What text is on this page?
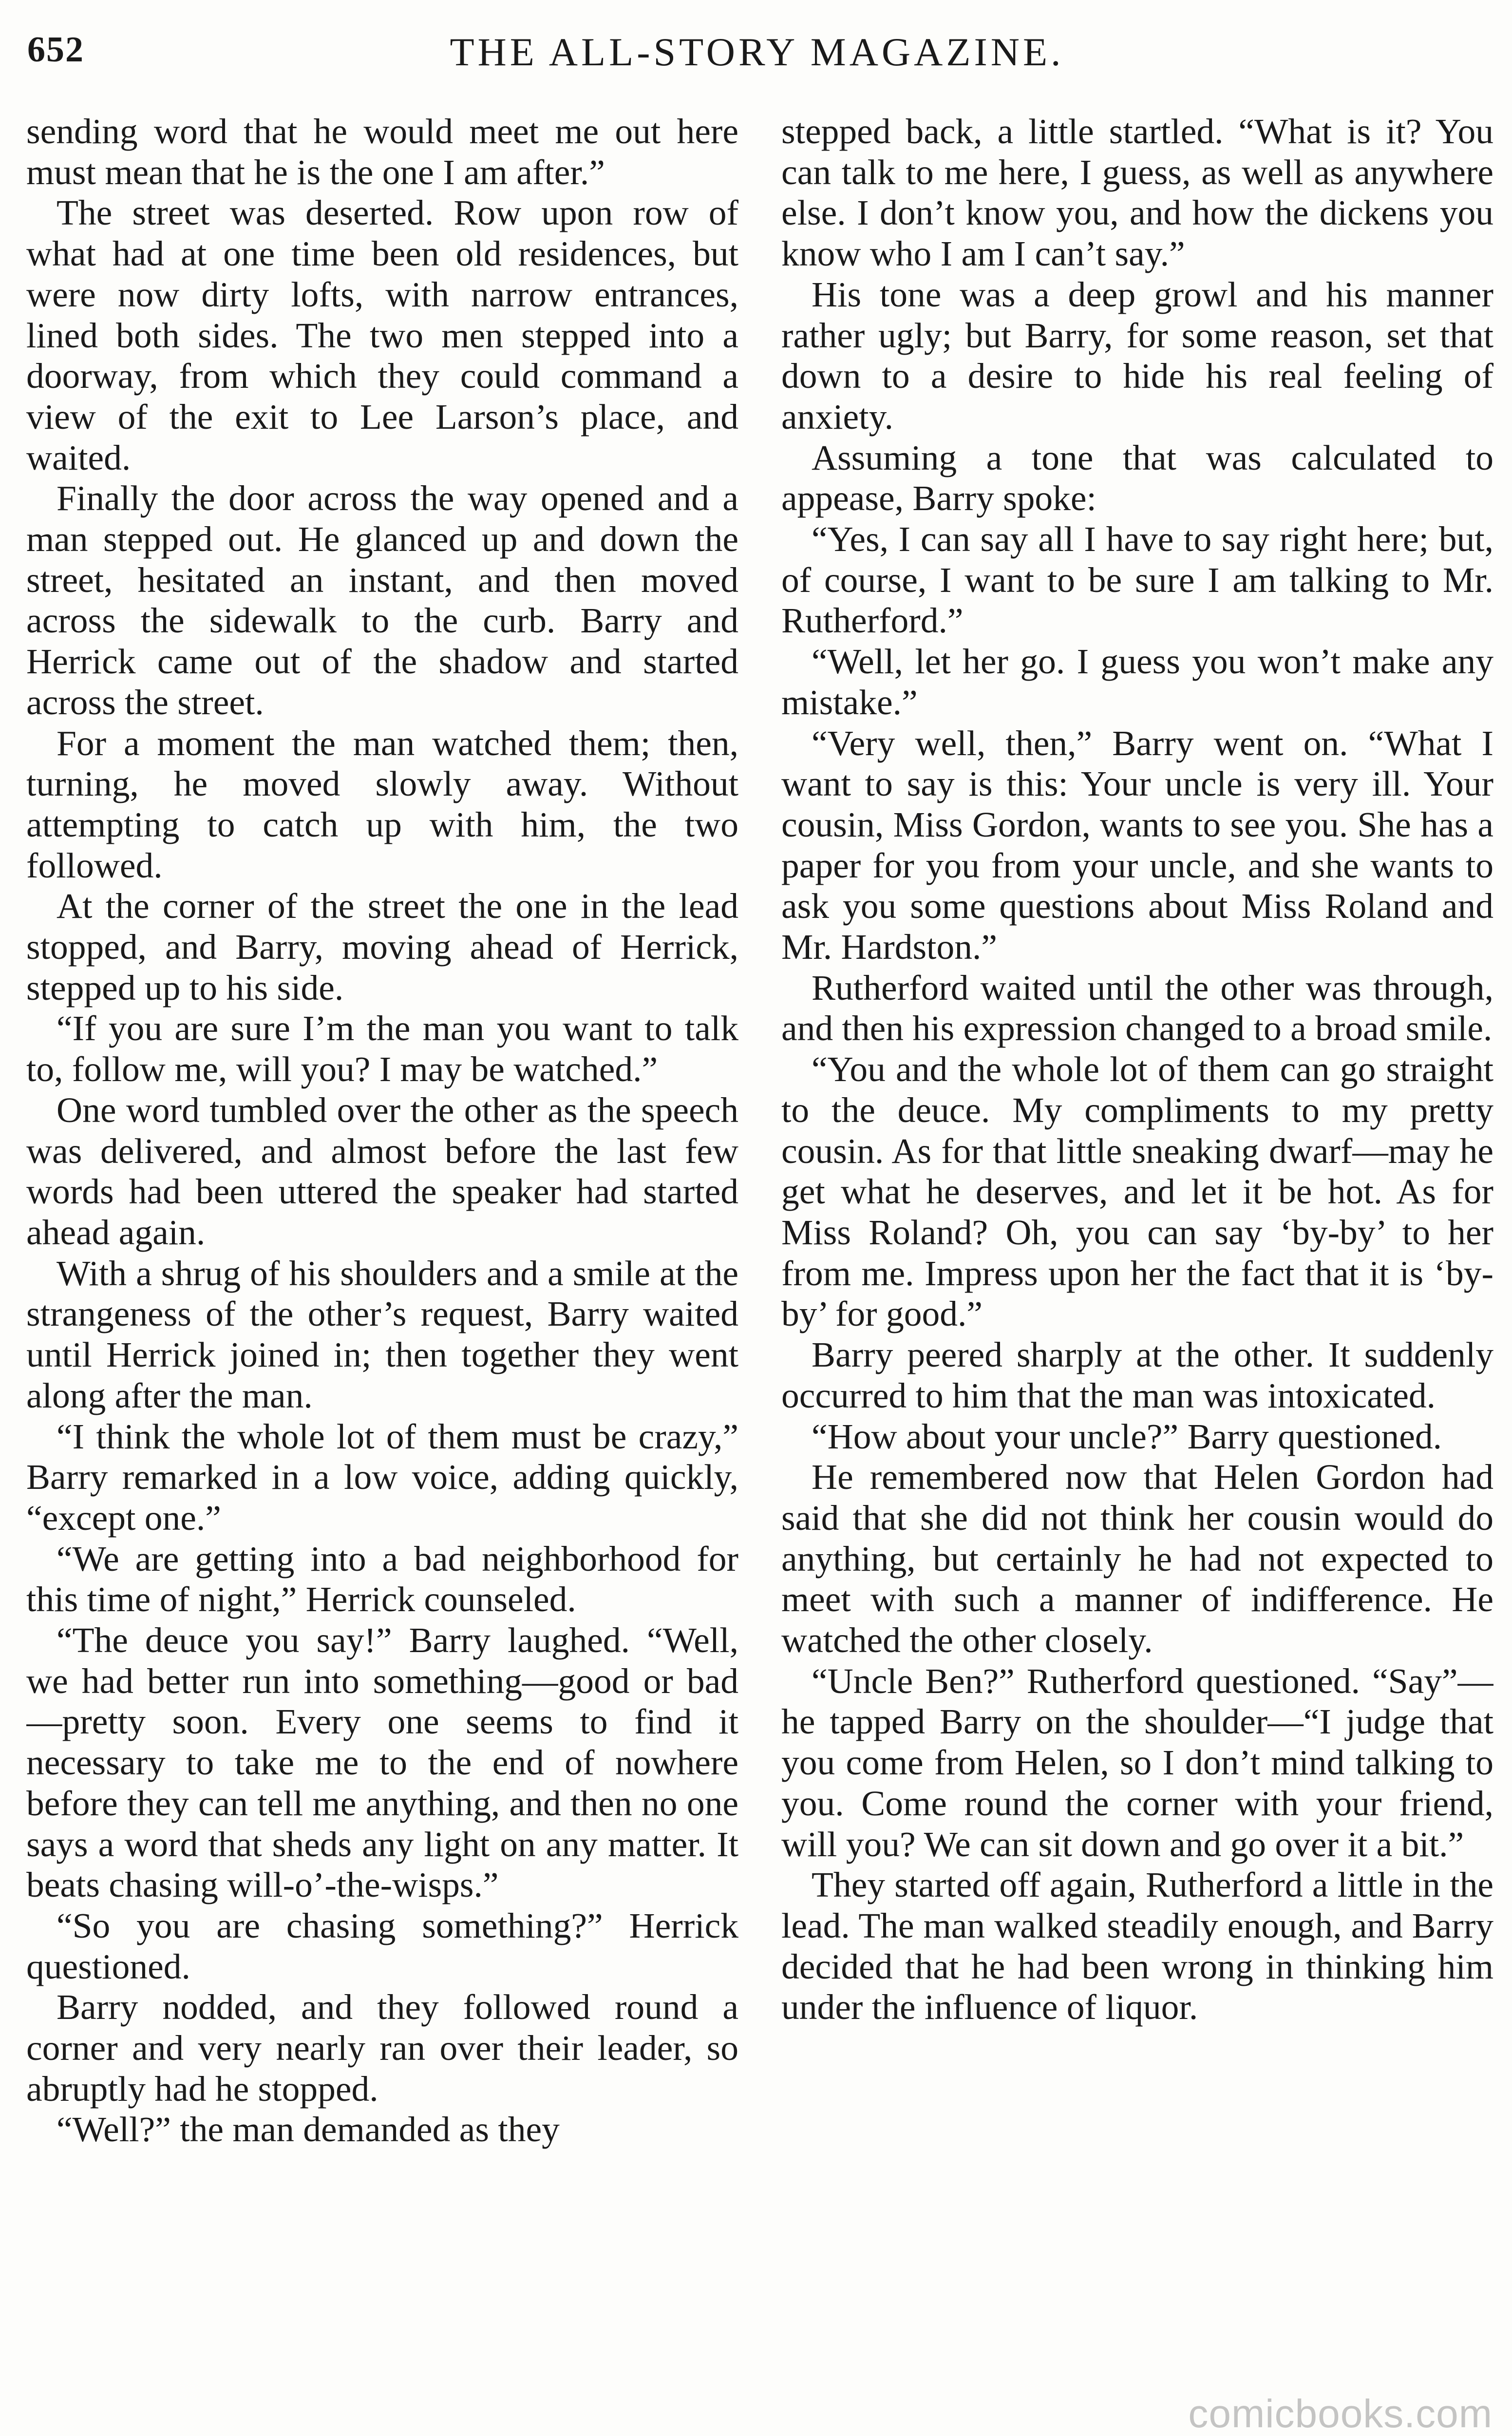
652	THE ALL-STORY MAGAZINE.

sending word that he would meet me out here must mean that he is the one I am after.”

The street was deserted. Row upon row of what had at one time been old residences, but were now dirty lofts, with narrow entrances, lined both sides. The two men stepped into a doorway, from which they could command a view of the exit to Lee Larson’s place, and waited.

Finally the door across the way opened and a man stepped out. He glanced up and down the street, hesitated an instant, and then moved across the sidewalk to the curb. Barry and Herrick came out of the shadow and started across the street.

For a moment the man watched them; then, turning, he moved slowly away. Without attempting to catch up with him, the two followed.

At the corner of the street the one in the lead stopped, and Barry, moving ahead of Herrick, stepped up to his side.

“If you are sure I’m the man you want to talk to, follow me, will you? I may be watched.”

One word tumbled over the other as the speech was delivered, and almost before the last few words had been uttered the speaker had started ahead again.

With a shrug of his shoulders and a smile at the strangeness of the other’s request, Barry waited until Herrick joined in; then together they went along after the man.

“I think the whole lot of them must be crazy,” Barry remarked in a low voice, adding quickly, “except one.”

“We are getting into a bad neighborhood for this time of night,” Herrick counseled.

“The deuce you say!” Barry laughed. “Well, we had better run into something—good or bad—pretty soon. Every one seems to find it necessary to take me to the end of nowhere before they can tell me anything, and then no one says a word that sheds any light on any matter. It beats chasing will-o’-the-wisps.”

“So you are chasing something?” Herrick questioned.

Barry nodded, and they followed round a corner and very nearly ran over their leader, so abruptly had he stopped.

“Well?” the man demanded as they

stepped back, a little startled. “What is it? You can talk to me here, I guess, as well as anywhere else. I don’t know you, and how the dickens you know who I am I can’t say.”

His tone was a deep growl and his manner rather ugly; but Barry, for some reason, set that down to a desire to hide his real feeling of anxiety.

Assuming a tone that was calculated to appease, Barry spoke:

“Yes, I can say all I have to say right here; but, of course, I want to be sure I am talking to Mr. Rutherford.”

“Well, let her go. I guess you won’t make any mistake.”

“Very well, then,” Barry went on. “What I want to say is this: Your uncle is very ill. Your cousin, Miss Gordon, wants to see you. She has a paper for you from your uncle, and she wants to ask you some questions about Miss Roland and Mr. Hardston.”

Rutherford waited until the other was through, and then his expression changed to a broad smile.

“You and the whole lot of them can go straight to the deuce. My compliments to my pretty cousin. As for that little sneaking dwarf—may he get what he deserves, and let it be hot. As for Miss Roland? Oh, you can say ‘by-by’ to her from me. Impress upon her the fact that it is ‘by-by’ for good.”

Barry peered sharply at the other. It suddenly occurred to him that the man was intoxicated.

“How about your uncle?” Barry questioned.

He remembered now that Helen Gordon had said that she did not think her cousin would do anything, but certainly he had not expected to meet with such a manner of indifference. He watched the other closely.

“Uncle Ben?” Rutherford questioned. “Say”—he tapped Barry on the shoulder—“I judge that you come from Helen, so I don’t mind talking to you. Come round the corner with your friend, will you? We can sit down and go over it a bit.”

They started off again, Rutherford a little in the lead. The man walked steadily enough, and Barry decided that he had been wrong in thinking him under the influence of liquor.

comicbooks.com
